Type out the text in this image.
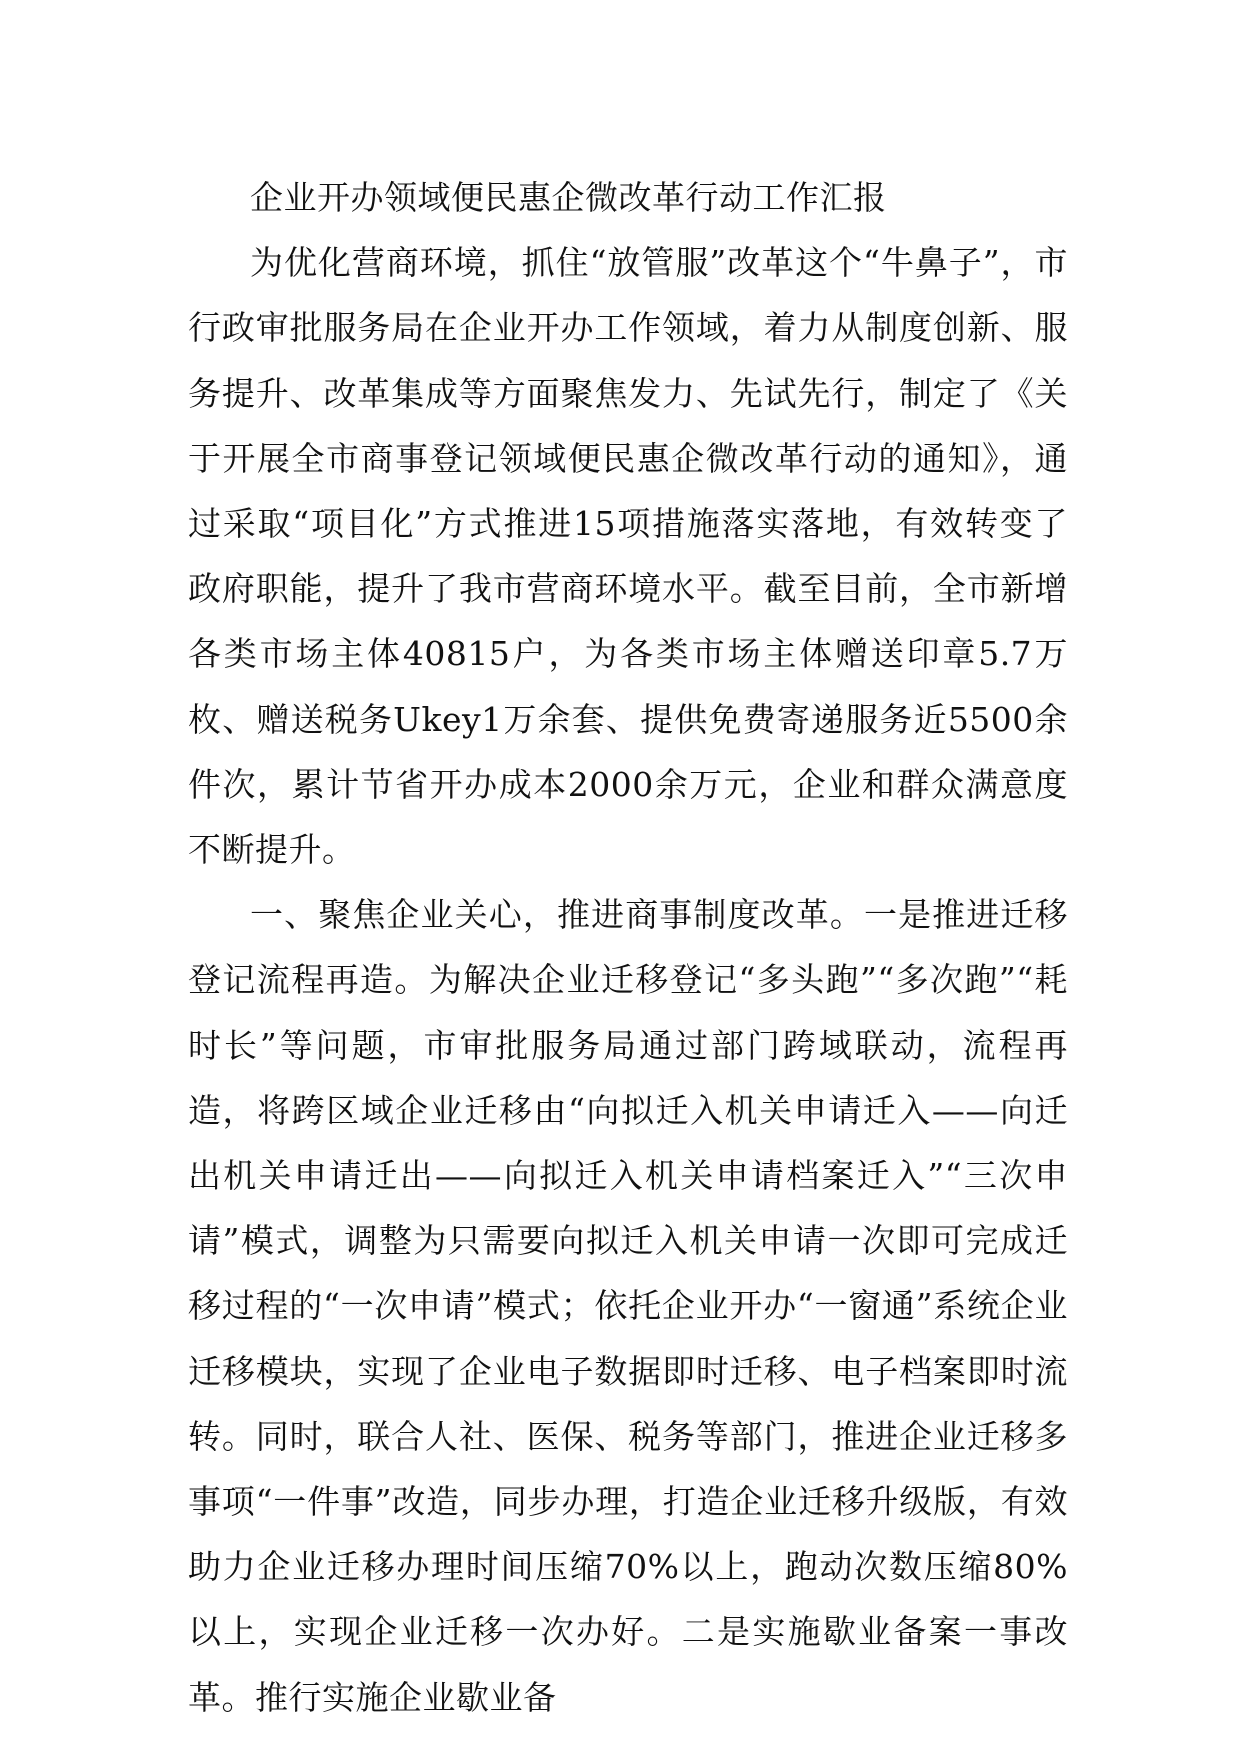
企业开办领域便民惠企微改革行动工作汇报

为优化营商环境，抓住“放管服”改革这个“牛鼻子”，市行政审批服务局在企业开办工作领域，着力从制度创新、服务提升、改革集成等方面聚焦发力、先试先行，制定了《关于开展全市商事登记领域便民惠企微改革行动的通知》，通过采取“项目化”方式推进15项措施落实落地，有效转变了政府职能，提升了我市营商环境水平。截至目前，全市新增各类市场主体40815户，为各类市场主体赠送印章5.7万枚、赠送税务Ukey1万余套、提供免费寄递服务近5500余件次，累计节省开办成本2000余万元，企业和群众满意度不断提升。

一、聚焦企业关心，推进商事制度改革。一是推进迁移登记流程再造。为解决企业迁移登记“多头跑”“多次跑”“耗时长”等问题，市审批服务局通过部门跨域联动，流程再造，将跨区域企业迁移由“向拟迁入机关申请迁入——向迁出机关申请迁出——向拟迁入机关申请档案迁入”“三次申请”模式，调整为只需要向拟迁入机关申请一次即可完成迁移过程的“一次申请”模式；依托企业开办“一窗通”系统企业迁移模块，实现了企业电子数据即时迁移、电子档案即时流转。同时，联合人社、医保、税务等部门，推进企业迁移多事项“一件事”改造，同步办理，打造企业迁移升级版，有效助力企业迁移办理时间压缩70%以上，跑动次数压缩80%以上，实现企业迁移一次办好。二是实施歇业备案一事改革。推行实施企业歇业备
